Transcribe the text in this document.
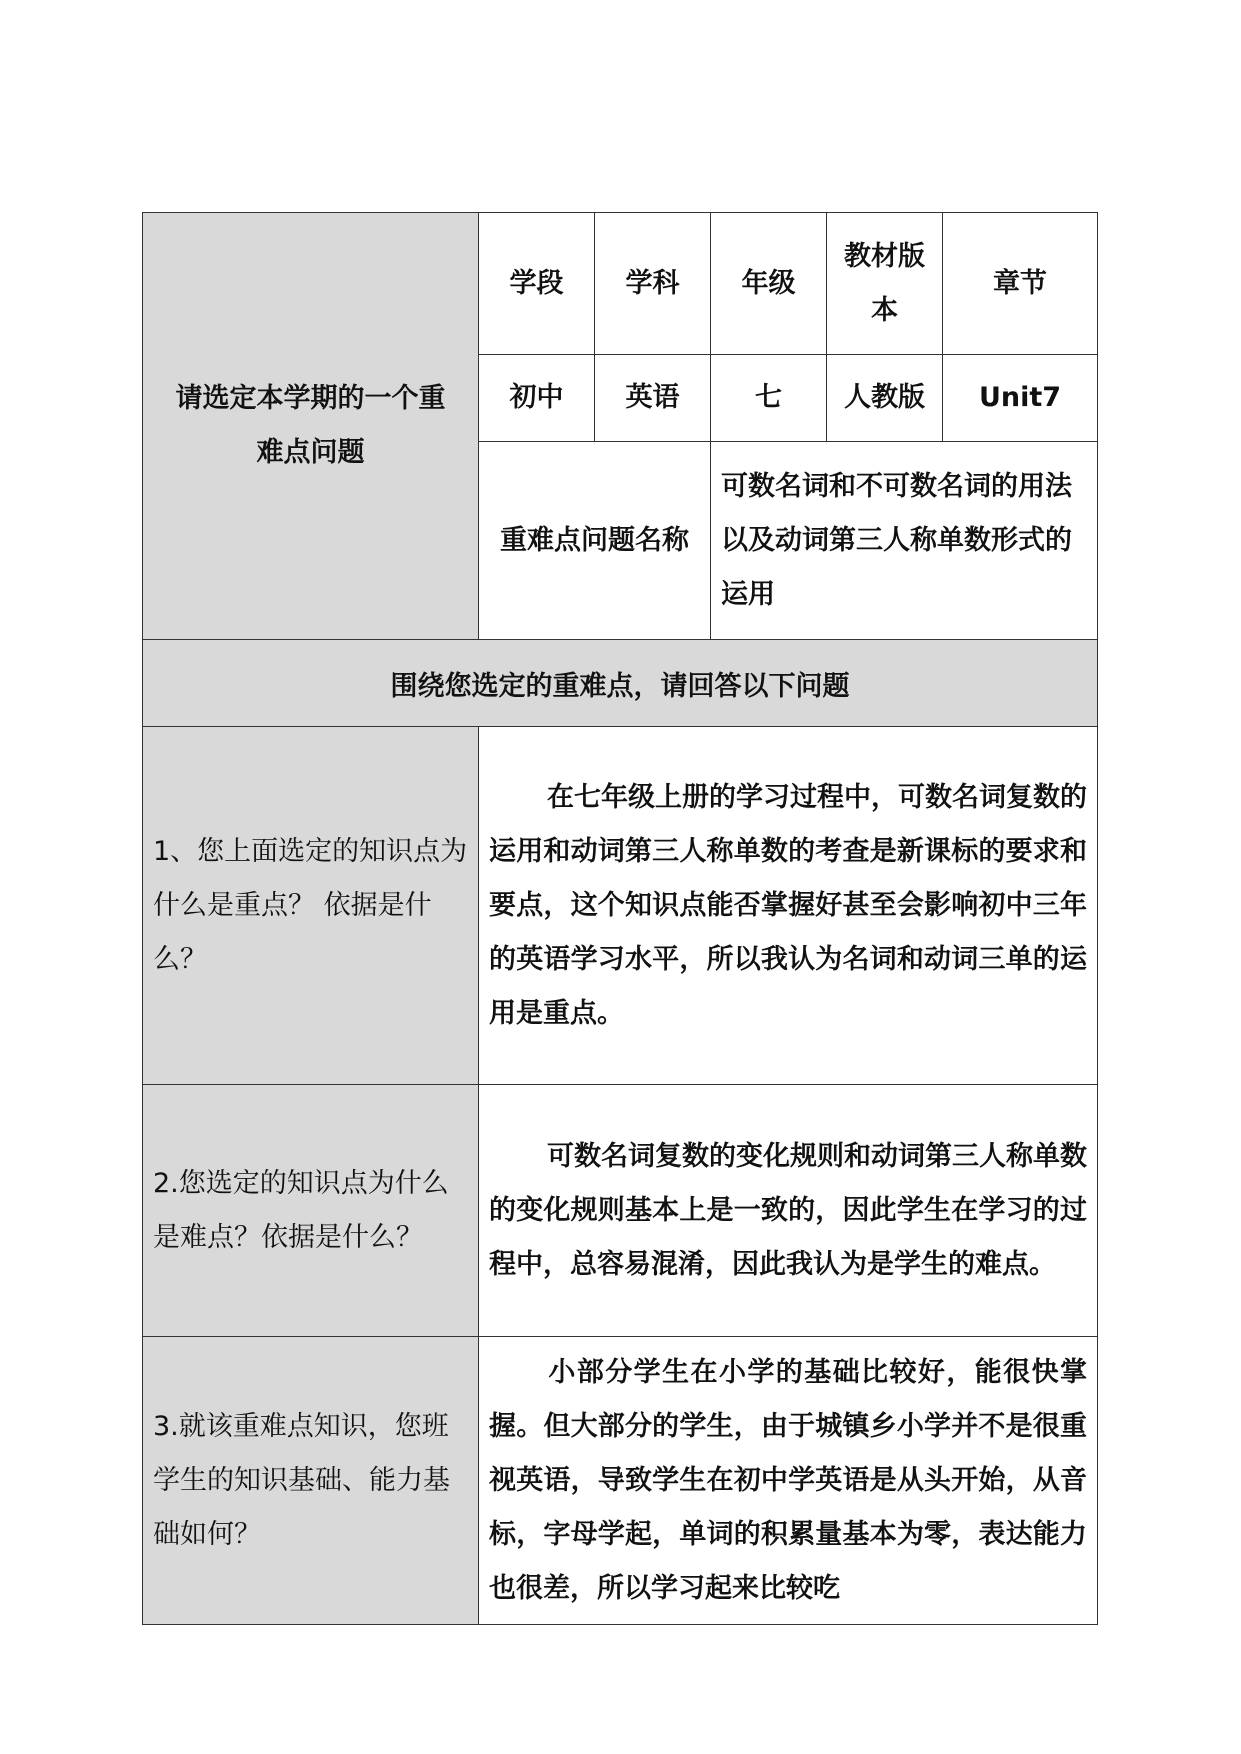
请选定本学期的一个重难点问题	学段	学科	年级	教材版本	章节
	初中	英语	七	人教版	Unit7
	重难点问题名称		可数名词和不可数名词的用法以及动词第三人称单数形式的运用		
围绕您选定的重难点，请回答以下问题					
1、您上面选定的知识点为什么是重点？ 依据是什么？	在七年级上册的学习过程中，可数名词复数的运用和动词第三人称单数的考查是新课标的要求和要点，这个知识点能否掌握好甚至会影响初中三年的英语学习水平，所以我认为名词和动词三单的运用是重点。				
2.您选定的知识点为什么是难点？依据是什么？	可数名词复数的变化规则和动词第三人称单数的变化规则基本上是一致的，因此学生在学习的过程中，总容易混淆，因此我认为是学生的难点。				
3.就该重难点知识，您班学生的知识基础、能力基础如何？	小部分学生在小学的基础比较好，能很快掌握。但大部分的学生，由于城镇乡小学并不是很重视英语，导致学生在初中学英语是从头开始，从音标，字母学起，单词的积累量基本为零，表达能力也很差，所以学习起来比较吃				
